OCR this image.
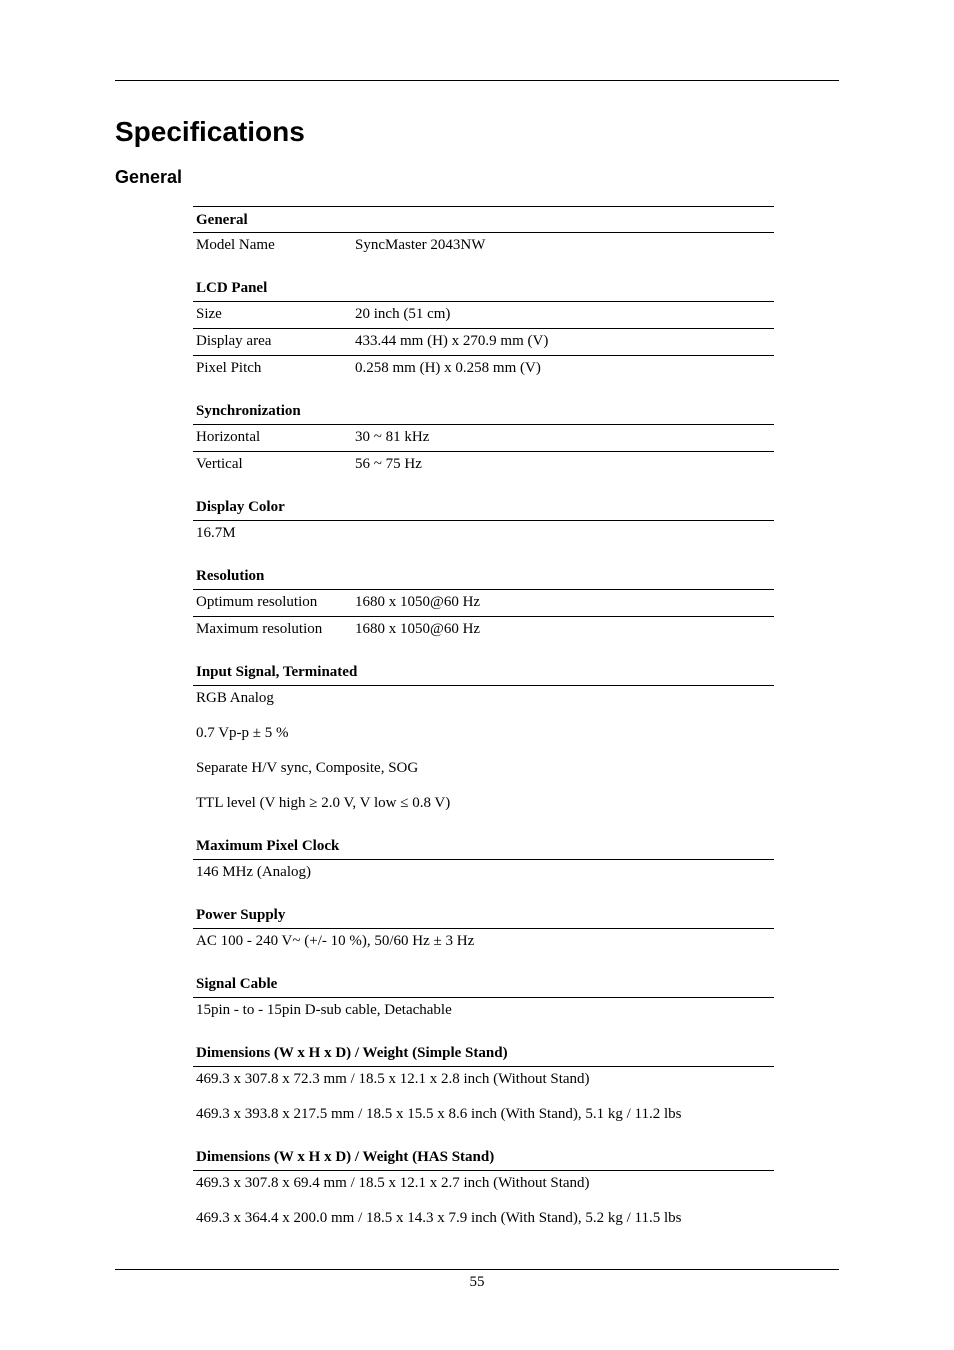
Specifications
General
General
Model Name	SyncMaster 2043NW
LCD Panel
Size	20 inch (51 cm)
Display area	433.44 mm (H) x 270.9 mm (V)
Pixel Pitch	0.258 mm (H) x 0.258 mm (V)
Synchronization
Horizontal	30 ~ 81 kHz
Vertical	56 ~ 75 Hz
Display Color
16.7M
Resolution
Optimum resolution	1680 x 1050@60 Hz
Maximum resolution	1680 x 1050@60 Hz
Input Signal, Terminated
RGB Analog
0.7 Vp-p ± 5 %
Separate H/V sync, Composite, SOG
TTL level (V high ≥ 2.0 V, V low ≤ 0.8 V)
Maximum Pixel Clock
146 MHz (Analog)
Power Supply
AC 100 - 240 V~ (+/- 10 %), 50/60 Hz ± 3 Hz
Signal Cable
15pin - to - 15pin D-sub cable, Detachable
Dimensions (W x H x D) / Weight (Simple Stand)
469.3 x 307.8 x 72.3 mm / 18.5 x 12.1 x 2.8 inch (Without Stand)
469.3 x 393.8 x 217.5 mm / 18.5 x 15.5 x 8.6 inch (With Stand), 5.1 kg / 11.2 lbs
Dimensions (W x H x D) / Weight (HAS Stand)
469.3 x 307.8 x 69.4 mm / 18.5 x 12.1 x 2.7 inch (Without Stand)
469.3 x 364.4 x 200.0 mm / 18.5 x 14.3 x 7.9 inch (With Stand), 5.2 kg / 11.5 lbs
55
